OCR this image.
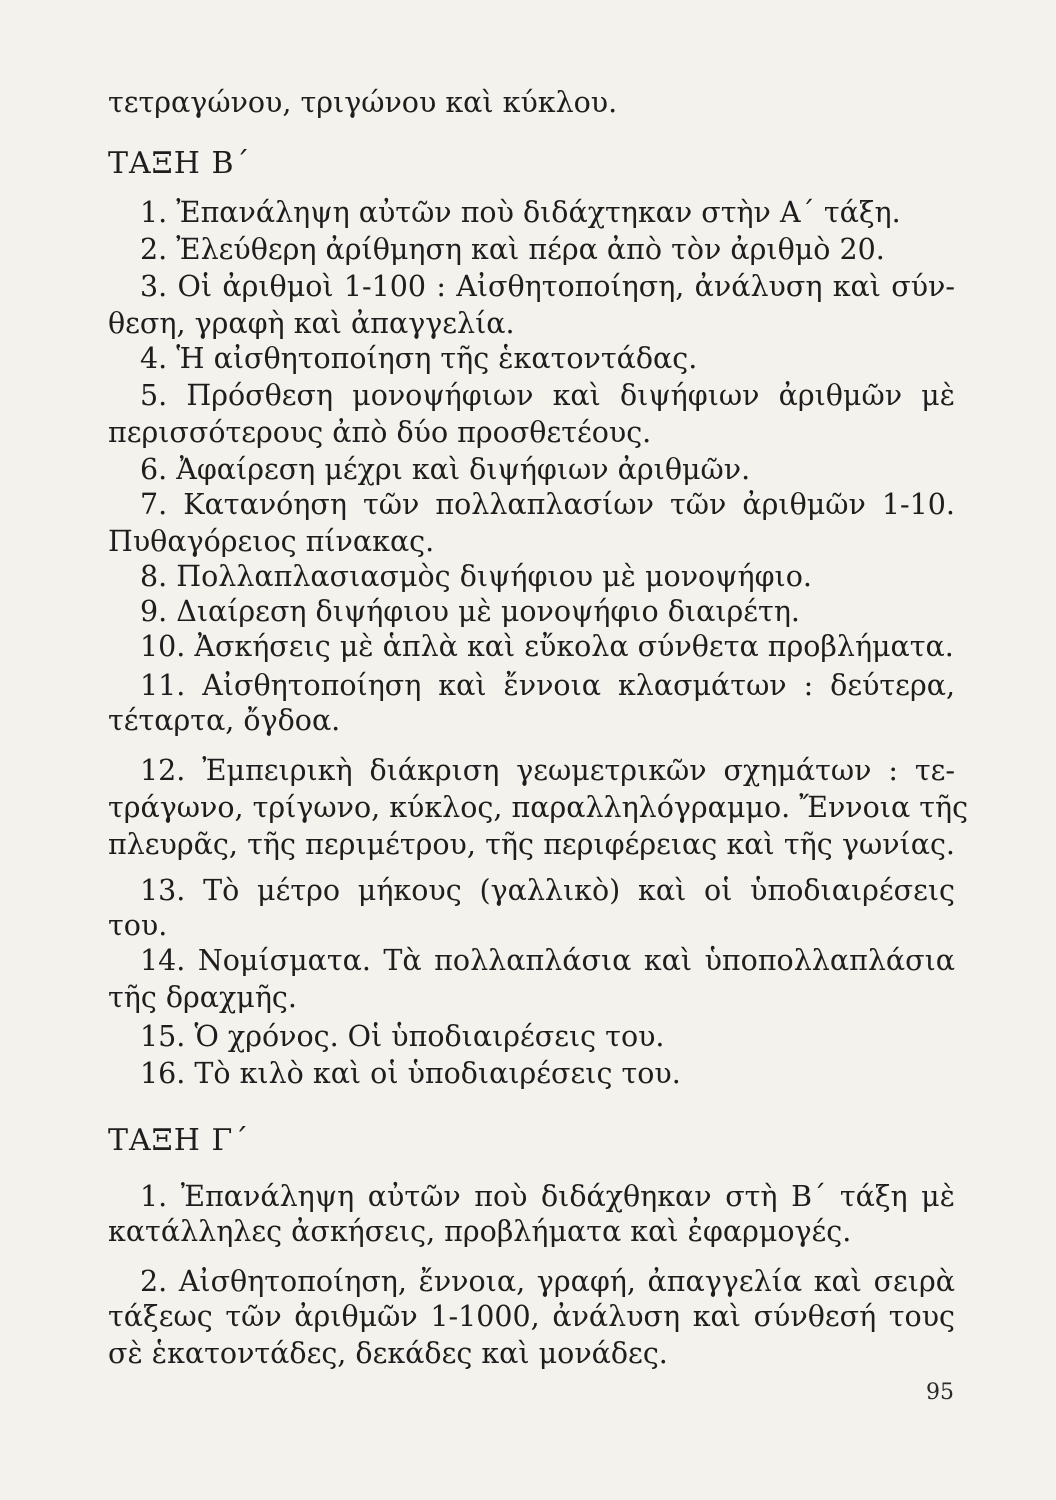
τετραγώνου, τριγώνου καὶ κύκλου.
ΤΑΞΗ Β΄
1. Ἐπανάληψη αὐτῶν ποὺ διδάχτηκαν στὴν Α΄ τάξη.
2. Ἐλεύθερη ἀρίθμηση καὶ πέρα ἀπὸ τὸν ἀριθμὸ 20.
3. Οἱ ἀριθμοὶ 1-100 : Αἰσθητοποίηση, ἀνάλυση καὶ σύν-
θεση, γραφὴ καὶ ἀπαγγελία.
4. Ἡ αἰσθητοποίηση τῆς ἑκατοντάδας.
5. Πρόσθεση μονοψήφιων καὶ διψήφιων ἀριθμῶν μὲ
περισσότερους ἀπὸ δύο προσθετέους.
6. Ἀφαίρεση μέχρι καὶ διψήφιων ἀριθμῶν.
7. Κατανόηση τῶν πολλαπλασίων τῶν ἀριθμῶν 1-10.
Πυθαγόρειος πίνακας.
8. Πολλαπλασιασμὸς διψήφιου μὲ μονοψήφιο.
9. Διαίρεση διψήφιου μὲ μονοψήφιο διαιρέτη.
10. Ἀσκήσεις μὲ ἁπλὰ καὶ εὔκολα σύνθετα προβλήματα.
11. Αἰσθητοποίηση καὶ ἔννοια κλασμάτων : δεύτερα,
τέταρτα, ὄγδοα.
12. Ἐμπειρικὴ διάκριση γεωμετρικῶν σχημάτων : τε-
τράγωνο, τρίγωνο, κύκλος, παραλληλόγραμμο. Ἔννοια τῆς
πλευρᾶς, τῆς περιμέτρου, τῆς περιφέρειας καὶ τῆς γωνίας.
13. Τὸ μέτρο μήκους (γαλλικὸ) καὶ οἱ ὑποδιαιρέσεις
του.
14. Νομίσματα. Τὰ πολλαπλάσια καὶ ὑποπολλαπλάσια
τῆς δραχμῆς.
15. Ὁ χρόνος. Οἱ ὑποδιαιρέσεις του.
16. Τὸ κιλὸ καὶ οἱ ὑποδιαιρέσεις του.
ΤΑΞΗ Γ΄
1. Ἐπανάληψη αὐτῶν ποὺ διδάχθηκαν στὴ Β΄ τάξη μὲ
κατάλληλες ἀσκήσεις, προβλήματα καὶ ἐφαρμογές.
2. Αἰσθητοποίηση, ἔννοια, γραφή, ἀπαγγελία καὶ σειρὰ
τάξεως τῶν ἀριθμῶν 1-1000, ἀνάλυση καὶ σύνθεσή τους
σὲ ἑκατοντάδες, δεκάδες καὶ μονάδες.
95
